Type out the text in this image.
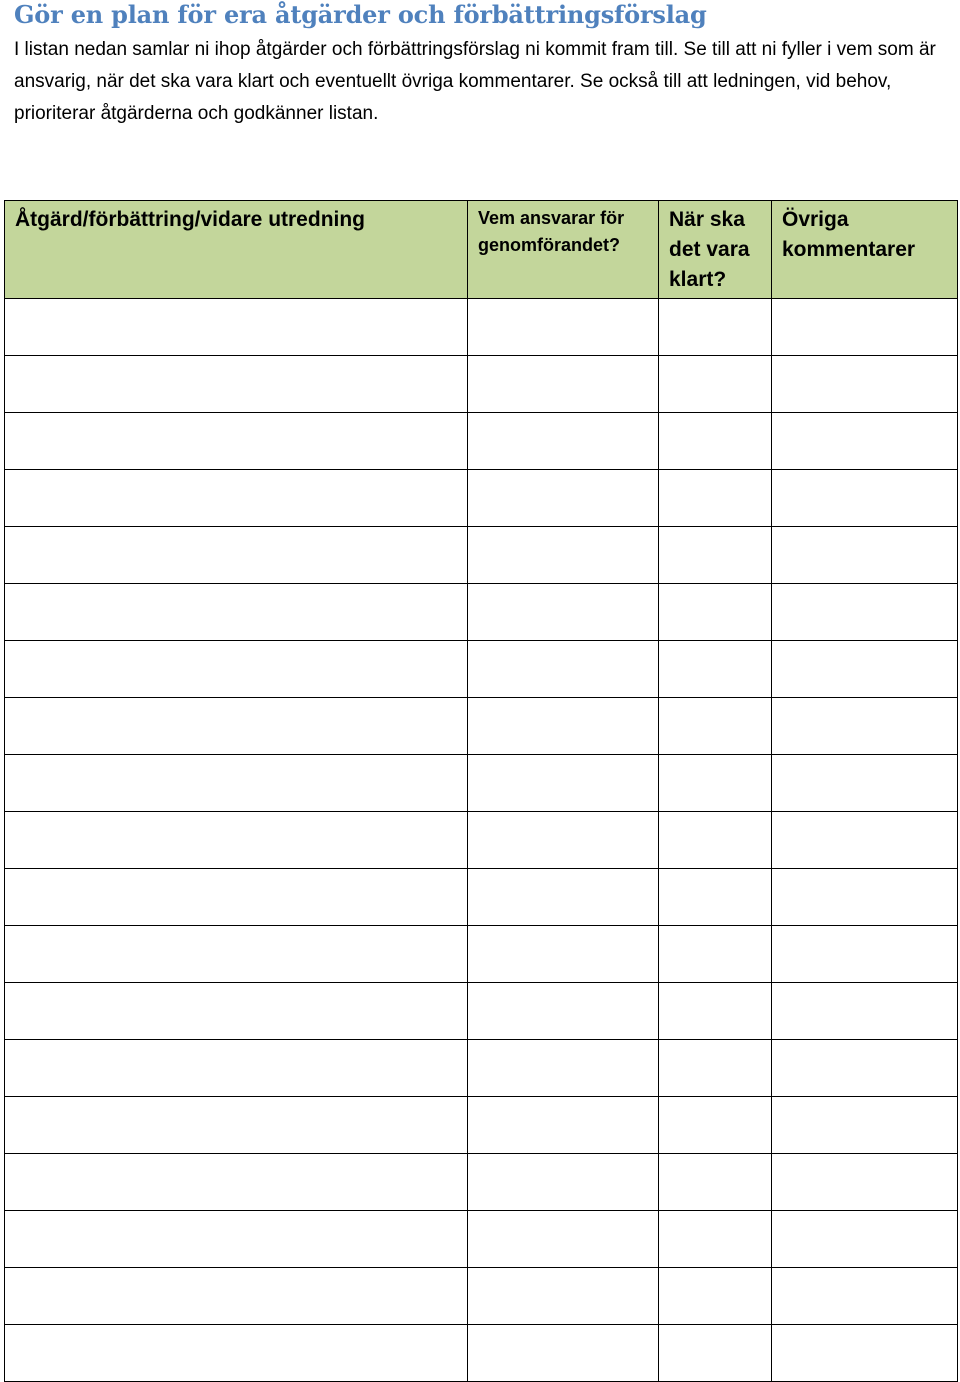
Gör en plan för era åtgärder och förbättringsförslag

I listan nedan samlar ni ihop åtgärder och förbättringsförslag ni kommit fram till. Se till att ni fyller i vem som är ansvarig, när det ska vara klart och eventuellt övriga kommentarer. Se också till att ledningen, vid behov, prioriterar åtgärderna och godkänner listan.

Åtgärd/förbättring/vidare utredning	Vem ansvarar för genomförandet?	När ska det vara klart?	Övriga kommentarer
